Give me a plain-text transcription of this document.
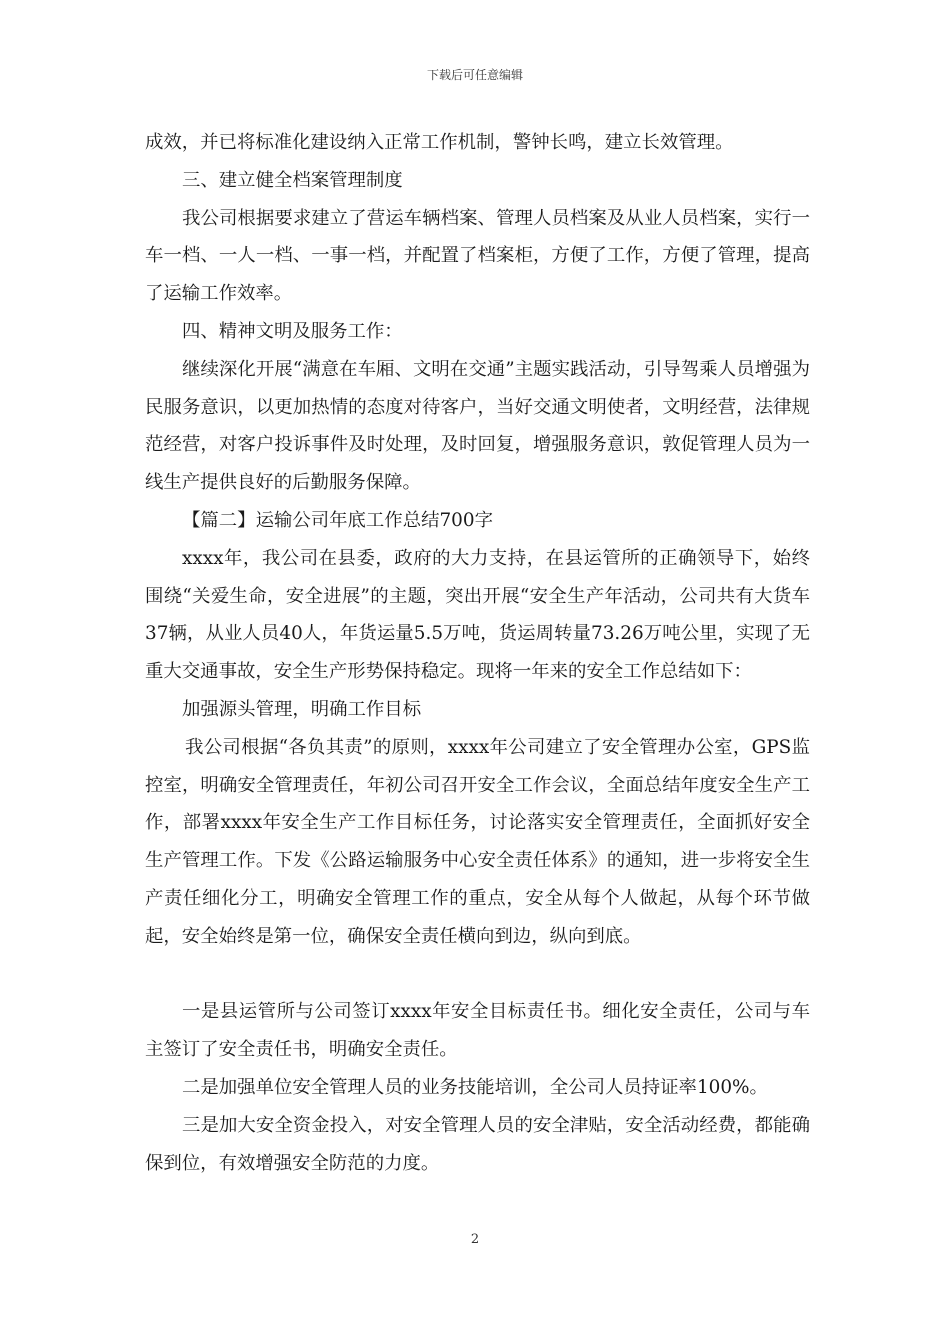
下载后可任意编辑

成效，并已将标准化建设纳入正常工作机制，警钟长鸣，建立长效管理。

三、建立健全档案管理制度

我公司根据要求建立了营运车辆档案、管理人员档案及从业人员档案，实行一车一档、一人一档、一事一档，并配置了档案柜，方便了工作，方便了管理，提高了运输工作效率。

四、精神文明及服务工作：

继续深化开展“满意在车厢、文明在交通”主题实践活动，引导驾乘人员增强为民服务意识，以更加热情的态度对待客户，当好交通文明使者，文明经营，法律规范经营，对客户投诉事件及时处理，及时回复，增强服务意识，敦促管理人员为一线生产提供良好的后勤服务保障。

【篇二】运输公司年底工作总结700字

xxxx年，我公司在县委，政府的大力支持，在县运管所的正确领导下，始终围绕“关爱生命，安全进展”的主题，突出开展“安全生产年活动，公司共有大货车37辆，从业人员40人，年货运量5.5万吨，货运周转量73.26万吨公里，实现了无重大交通事故，安全生产形势保持稳定。现将一年来的安全工作总结如下：

加强源头管理，明确工作目标

我公司根据“各负其责”的原则，xxxx年公司建立了安全管理办公室，GPS监控室，明确安全管理责任，年初公司召开安全工作会议，全面总结年度安全生产工作，部署xxxx年安全生产工作目标任务，讨论落实安全管理责任，全面抓好安全生产管理工作。下发《公路运输服务中心安全责任体系》的通知，进一步将安全生产责任细化分工，明确安全管理工作的重点，安全从每个人做起，从每个环节做起，安全始终是第一位，确保安全责任横向到边，纵向到底。

一是县运管所与公司签订xxxx年安全目标责任书。细化安全责任，公司与车主签订了安全责任书，明确安全责任。

二是加强单位安全管理人员的业务技能培训，全公司人员持证率100%。

三是加大安全资金投入，对安全管理人员的安全津贴，安全活动经费，都能确保到位，有效增强安全防范的力度。

2
